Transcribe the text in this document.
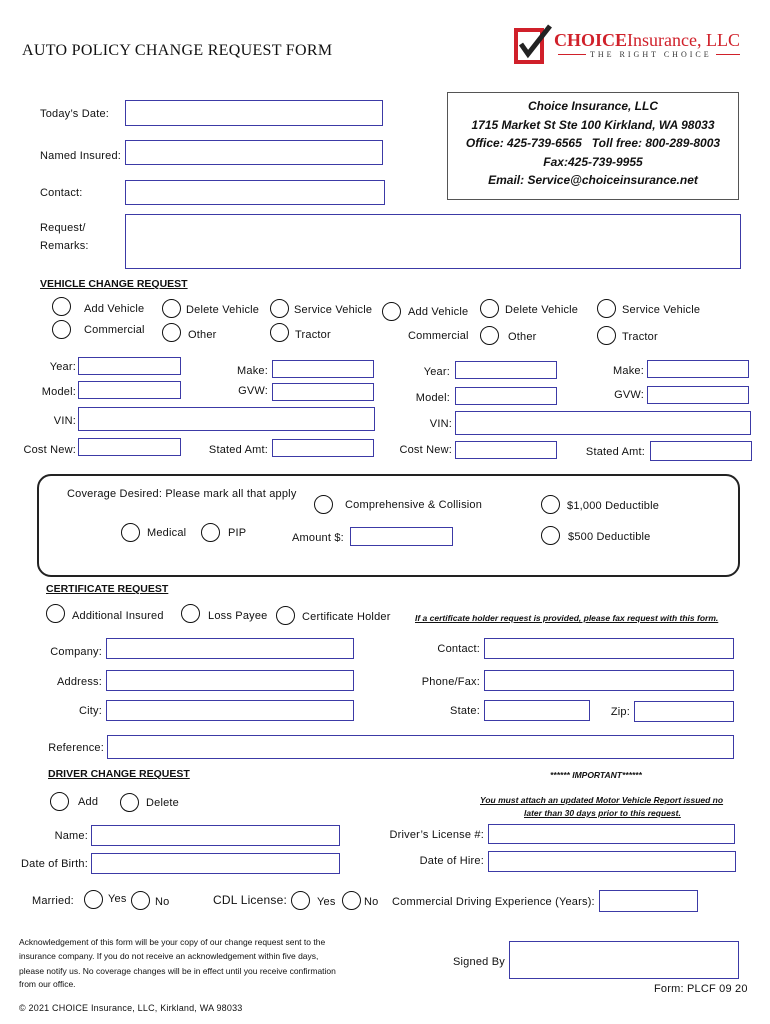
AUTO POLICY CHANGE REQUEST FORM
CHOICEInsurance, LLC
THE RIGHT CHOICE
Choice Insurance, LLC
1715 Market St Ste 100 Kirkland, WA 98033
Office: 425-739-6565   Toll free: 800-289-8003
Fax:425-739-9955
Email: Service@choiceinsurance.net
Today’s Date:
Named Insured:
Contact:
Request/
Remarks:
VEHICLE CHANGE REQUEST
Add Vehicle	Delete Vehicle	Service Vehicle
Commercial	Other	Tractor
Add Vehicle	Delete Vehicle	Service Vehicle
Commercial	Other	Tractor
Year:	Make:
Model:	GVW:
VIN:
Cost New:	Stated Amt:
Year:	Make:
Model:	GVW:
VIN:
Cost New:	Stated Amt:
Coverage Desired: Please mark all that apply
Comprehensive & Collision	$1,000 Deductible
Medical	PIP	Amount $:	$500 Deductible
CERTIFICATE REQUEST
Additional Insured	Loss Payee	Certificate Holder	If a certificate holder request is provided, please fax request with this form.
Company:	Contact:
Address:	Phone/Fax:
City:	State:	Zip:
Reference:
DRIVER CHANGE REQUEST	****** IMPORTANT******
Add	Delete	You must attach an updated Motor Vehicle Report issued no
later than 30 days prior to this request.
Name:	Driver’s License #:
Date of Birth:	Date of Hire:
Married:	Yes	No	CDL License:	Yes	No Commercial Driving Experience (Years):
Acknowledgement of this form will be your copy of our change request sent to the
insurance company. If you do not receive an acknowledgement within five days,
please notify us. No coverage changes will be in effect until you receive confirmation
from our office.
Signed By
Form: PLCF 09 20
© 2021 CHOICE Insurance, LLC, Kirkland, WA 98033
